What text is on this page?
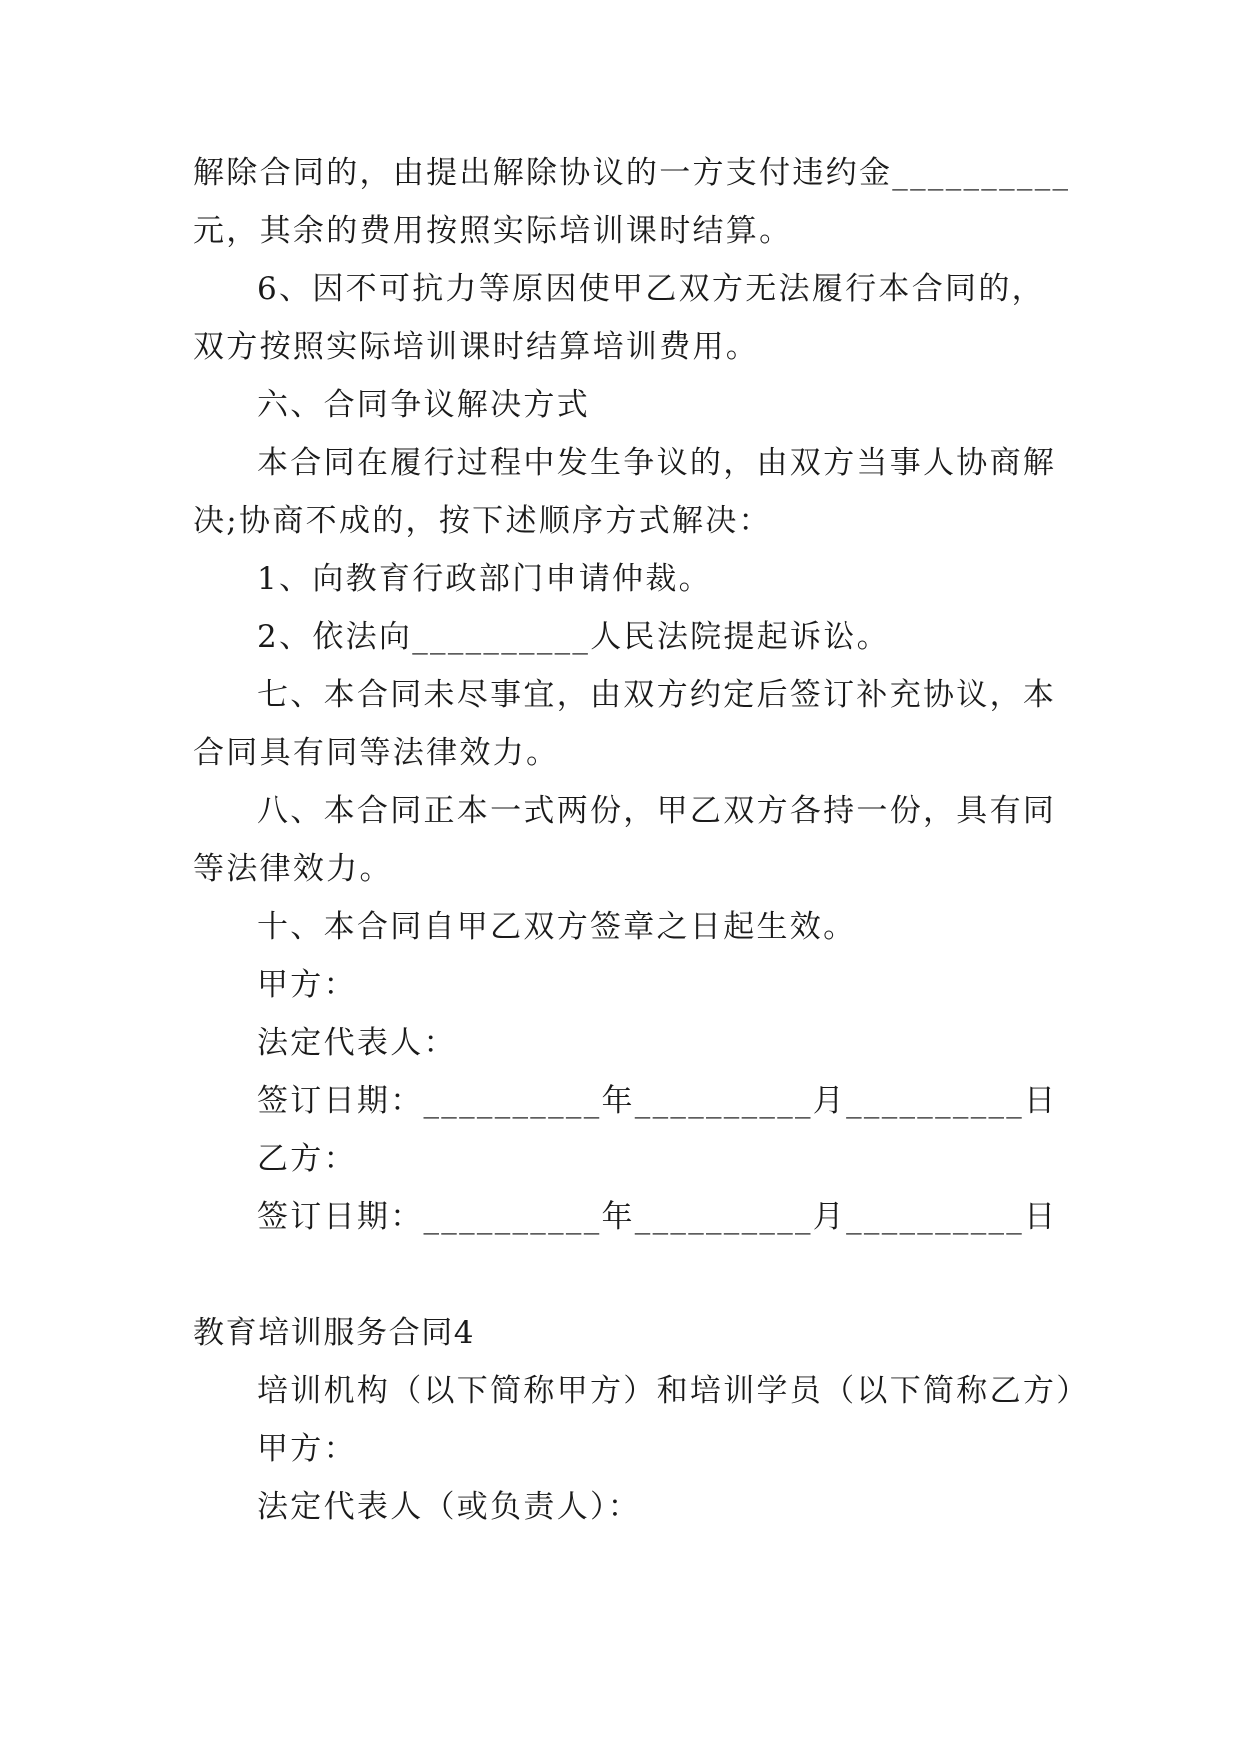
解除合同的，由提出解除协议的一方支付违约金__________
元，其余的费用按照实际培训课时结算。
6、因不可抗力等原因使甲乙双方无法履行本合同的，
双方按照实际培训课时结算培训费用。
六、合同争议解决方式
本合同在履行过程中发生争议的，由双方当事人协商解
决;协商不成的，按下述顺序方式解决：
1、向教育行政部门申请仲裁。
2、依法向__________人民法院提起诉讼。
七、本合同未尽事宜，由双方约定后签订补充协议，本
合同具有同等法律效力。
八、本合同正本一式两份，甲乙双方各持一份，具有同
等法律效力。
十、本合同自甲乙双方签章之日起生效。
甲方：
法定代表人：
签订日期：__________年__________月__________日
乙方：
签订日期：__________年__________月__________日
教育培训服务合同4
培训机构（以下简称甲方）和培训学员（以下简称乙方）
甲方：
法定代表人（或负责人）：
